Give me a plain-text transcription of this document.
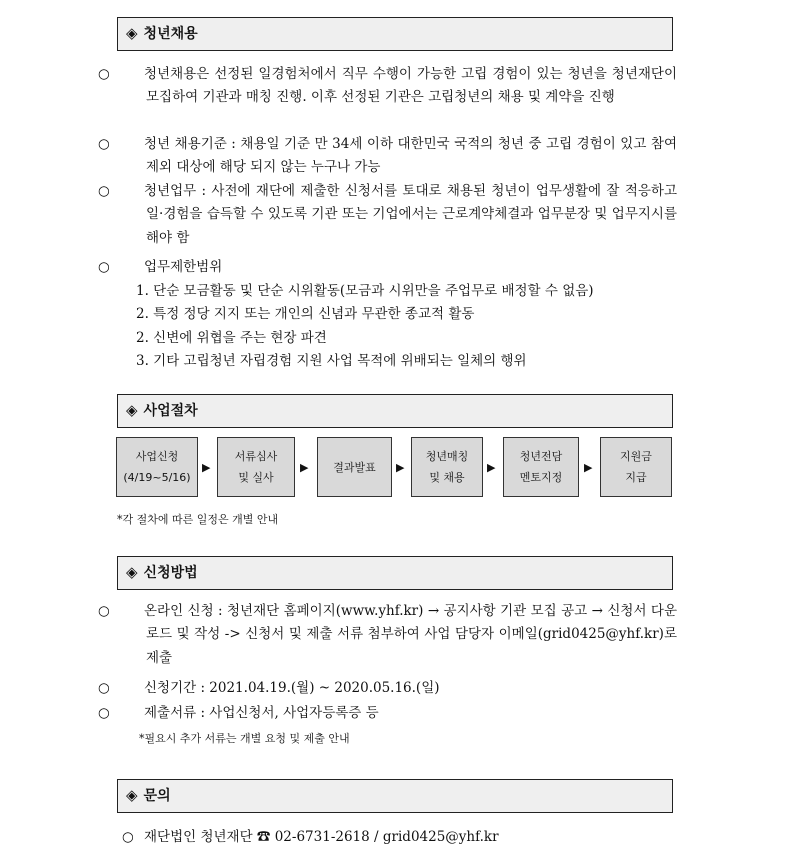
◈ 청년채용
○	청년채용은 선정된 일경험처에서 직무 수행이 가능한 고립 경험이 있는 청년을 청년재단이 모집하여 기관과 매칭 진행. 이후 선정된 기관은 고립청년의 채용 및 계약을 진행
○	청년 채용기준 : 채용일 기준 만 34세 이하 대한민국 국적의 청년 중 고립 경험이 있고 참여 제외 대상에 해당 되지 않는 누구나 가능
○	청년업무 : 사전에 재단에 제출한 신청서를 토대로 채용된 청년이 업무생활에 잘 적응하고 일·경험을 습득할 수 있도록 기관 또는 기업에서는 근로계약체결과 업무분장 및 업무지시를 해야 함
○	업무제한범위
1. 단순 모금활동 및 단순 시위활동(모금과 시위만을 주업무로 배정할 수 없음)
2. 특정 정당 지지 또는 개인의 신념과 무관한 종교적 활동
2. 신변에 위협을 주는 현장 파견
3. 기타 고립청년 자립경험 지원 사업 목적에 위배되는 일체의 행위
◈ 사업절차
사업신청
(4/19~5/16)
▶
서류심사
및 실사
▶	결과발표	▶
청년매칭
및 채용
▶
청년전담
멘토지정
▶
지원금
지급
*각 절차에 따른 일정은 개별 안내
◈ 신청방법
○	온라인 신청 : 청년재단 홈페이지(www.yhf.kr) → 공지사항 기관 모집 공고 → 신청서 다운로드 및 작성 -> 신청서 및 제출 서류 첨부하여 사업 담당자 이메일(grid0425@yhf.kr)로 제출
○	신청기간 : 2021.04.19.(월) ~ 2020.05.16.(일)
○	제출서류 : 사업신청서, 사업자등록증 등
*필요시 추가 서류는 개별 요청 및 제출 안내
◈ 문의
○ 재단법인 청년재단 ☎ 02-6731-2618 / grid0425@yhf.kr
